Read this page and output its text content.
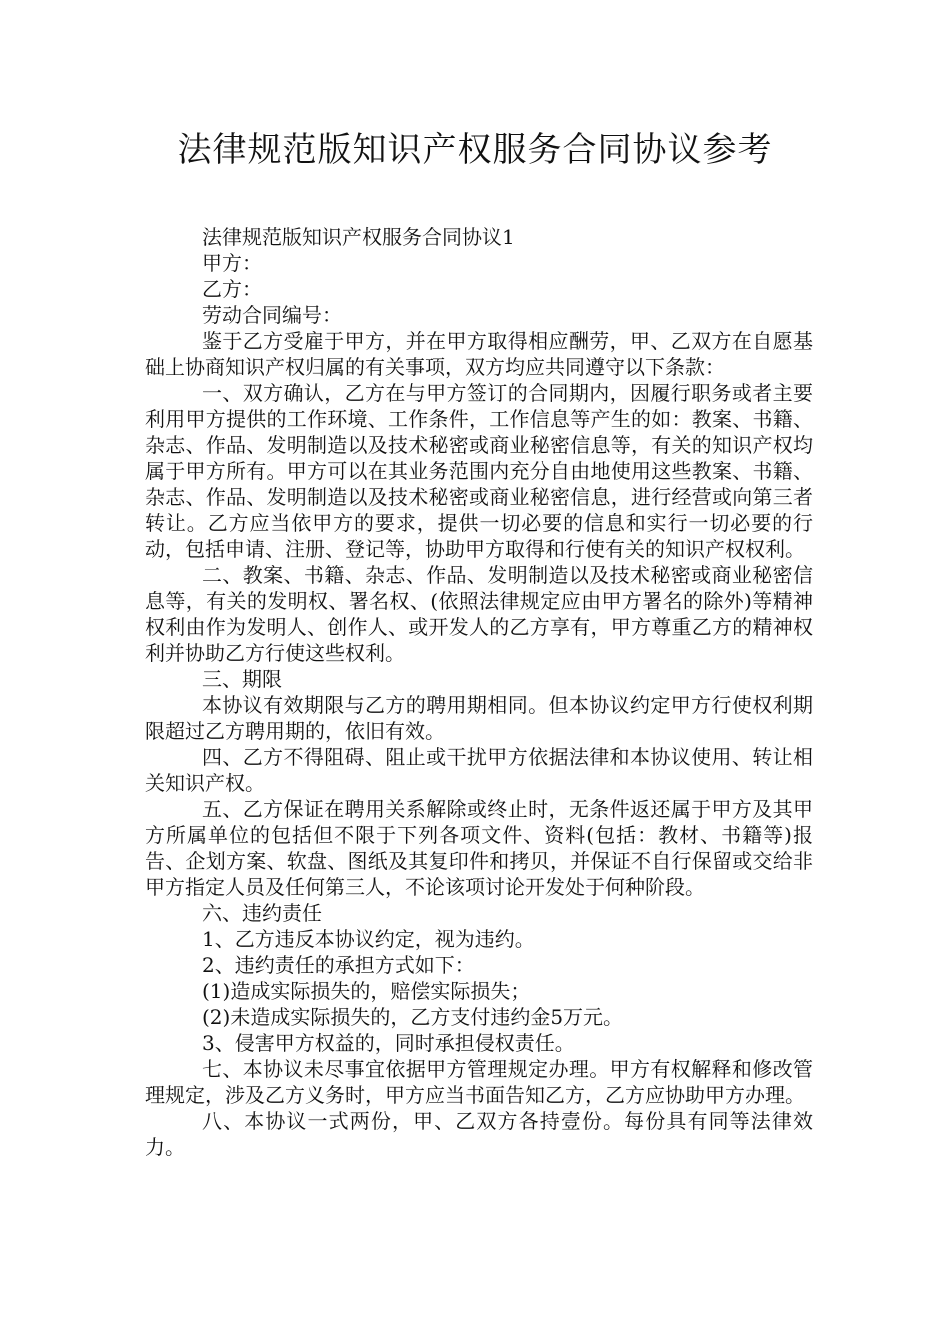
法律规范版知识产权服务合同协议参考

法律规范版知识产权服务合同协议1

甲方：

乙方：

劳动合同编号：

鉴于乙方受雇于甲方，并在甲方取得相应酬劳，甲、乙双方在自愿基础上协商知识产权归属的有关事项，双方均应共同遵守以下条款：

一、双方确认，乙方在与甲方签订的合同期内，因履行职务或者主要利用甲方提供的工作环境、工作条件，工作信息等产生的如：教案、书籍、杂志、作品、发明制造以及技术秘密或商业秘密信息等，有关的知识产权均属于甲方所有。甲方可以在其业务范围内充分自由地使用这些教案、书籍、杂志、作品、发明制造以及技术秘密或商业秘密信息，进行经营或向第三者转让。乙方应当依甲方的要求，提供一切必要的信息和实行一切必要的行动，包括申请、注册、登记等，协助甲方取得和行使有关的知识产权权利。

二、教案、书籍、杂志、作品、发明制造以及技术秘密或商业秘密信息等，有关的发明权、署名权、(依照法律规定应由甲方署名的除外)等精神权利由作为发明人、创作人、或开发人的乙方享有，甲方尊重乙方的精神权利并协助乙方行使这些权利。

三、期限

本协议有效期限与乙方的聘用期相同。但本协议约定甲方行使权利期限超过乙方聘用期的，依旧有效。

四、乙方不得阻碍、阻止或干扰甲方依据法律和本协议使用、转让相关知识产权。

五、乙方保证在聘用关系解除或终止时，无条件返还属于甲方及其甲方所属单位的包括但不限于下列各项文件、资料(包括：教材、书籍等)报告、企划方案、软盘、图纸及其复印件和拷贝，并保证不自行保留或交给非甲方指定人员及任何第三人，不论该项讨论开发处于何种阶段。

六、违约责任

1、乙方违反本协议约定，视为违约。

2、违约责任的承担方式如下：

(1)造成实际损失的，赔偿实际损失；

(2)未造成实际损失的，乙方支付违约金5万元。

3、侵害甲方权益的，同时承担侵权责任。

七、本协议未尽事宜依据甲方管理规定办理。甲方有权解释和修改管理规定，涉及乙方义务时，甲方应当书面告知乙方，乙方应协助甲方办理。

八、本协议一式两份，甲、乙双方各持壹份。每份具有同等法律效力。
